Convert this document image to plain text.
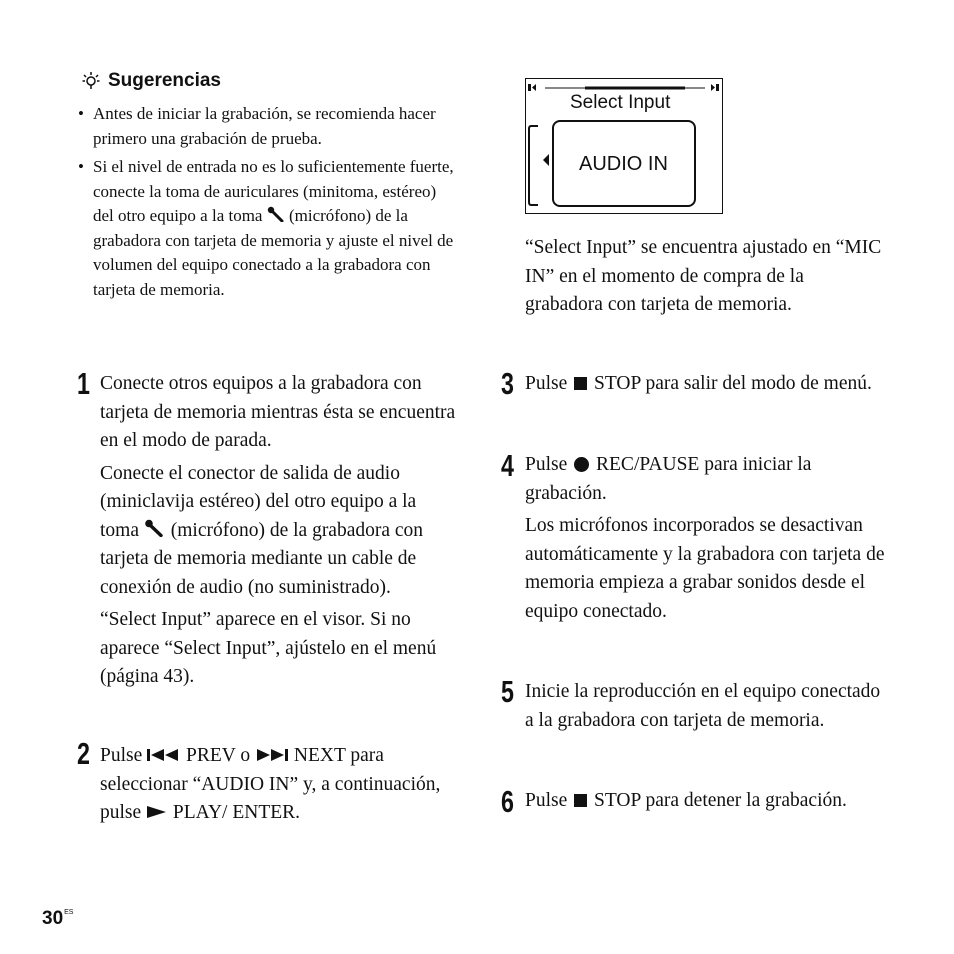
Sugerencias
• Antes de iniciar la grabación, se recomienda hacer primero una grabación de prueba.
• Si el nivel de entrada no es lo suficientemente fuerte, conecte la toma de auriculares (minitoma, estéreo) del otro equipo a la toma (micrófono) de la grabadora con tarjeta de memoria y ajuste el nivel de volumen del equipo conectado a la grabadora con tarjeta de memoria.
1 Conecte otros equipos a la grabadora con tarjeta de memoria mientras ésta se encuentra en el modo de parada.

Conecte el conector de salida de audio (miniclavija estéreo) del otro equipo a la toma (micrófono) de la grabadora con tarjeta de memoria mediante un cable de conexión de audio (no suministrado).

“Select Input” aparece en el visor. Si no aparece “Select Input”, ajústelo en el menú (página 43).

2 Pulse PREV o NEXT para seleccionar “AUDIO IN” y, a continuación, pulse PLAY/ ENTER.
Select Input
AUDIO IN
“Select Input” se encuentra ajustado en “MIC IN” en el momento de compra de la grabadora con tarjeta de memoria.
3 Pulse STOP para salir del modo de menú.
4 Pulse REC/PAUSE para iniciar la grabación.

Los micrófonos incorporados se desactivan automáticamente y la grabadora con tarjeta de memoria empieza a grabar sonidos desde el equipo conectado.

5 Inicie la reproducción en el equipo conectado a la grabadora con tarjeta de memoria.
6 Pulse STOP para detener la grabación.
$30^{ES}$
